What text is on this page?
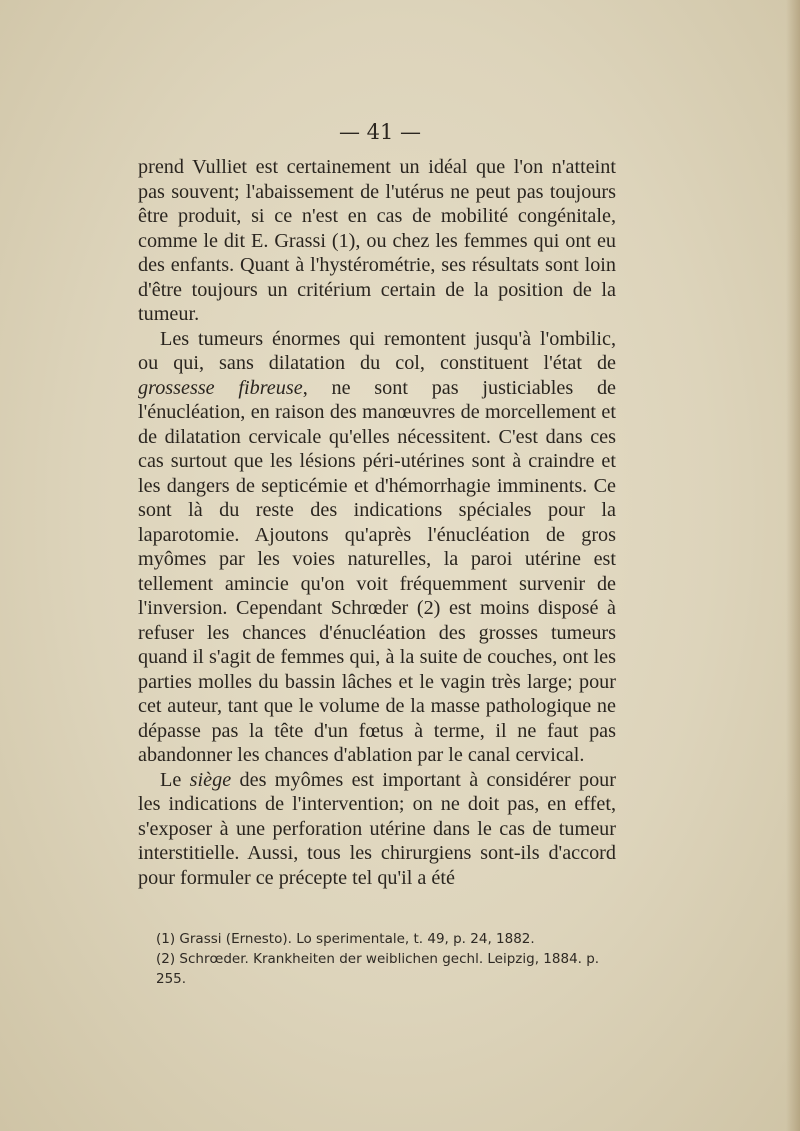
— 41 —

prend Vulliet est certainement un idéal que l'on n'atteint pas souvent; l'abaissement de l'utérus ne peut pas toujours être produit, si ce n'est en cas de mobilité congénitale, comme le dit E. Grassi (1), ou chez les femmes qui ont eu des enfants. Quant à l'hystérométrie, ses résultats sont loin d'être toujours un critérium certain de la position de la tumeur.

Les tumeurs énormes qui remontent jusqu'à l'ombilic, ou qui, sans dilatation du col, constituent l'état de grossesse fibreuse, ne sont pas justiciables de l'énucléation, en raison des manœuvres de morcellement et de dilatation cervicale qu'elles nécessitent. C'est dans ces cas surtout que les lésions péri-utérines sont à craindre et les dangers de septicémie et d'hémorrhagie imminents. Ce sont là du reste des indications spéciales pour la laparotomie. Ajoutons qu'après l'énucléation de gros myômes par les voies naturelles, la paroi utérine est tellement amincie qu'on voit fréquemment survenir de l'inversion. Cependant Schrœder (2) est moins disposé à refuser les chances d'énucléation des grosses tumeurs quand il s'agit de femmes qui, à la suite de couches, ont les parties molles du bassin lâches et le vagin très large; pour cet auteur, tant que le volume de la masse pathologique ne dépasse pas la tête d'un fœtus à terme, il ne faut pas abandonner les chances d'ablation par le canal cervical.

Le siège des myômes est important à considérer pour les indications de l'intervention; on ne doit pas, en effet, s'exposer à une perforation utérine dans le cas de tumeur interstitielle. Aussi, tous les chirurgiens sont-ils d'accord pour formuler ce précepte tel qu'il a été

(1) Grassi (Ernesto). Lo sperimentale, t. 49, p. 24, 1882.

(2) Schrœder. Krankheiten der weiblichen gechl. Leipzig, 1884. p. 255.
